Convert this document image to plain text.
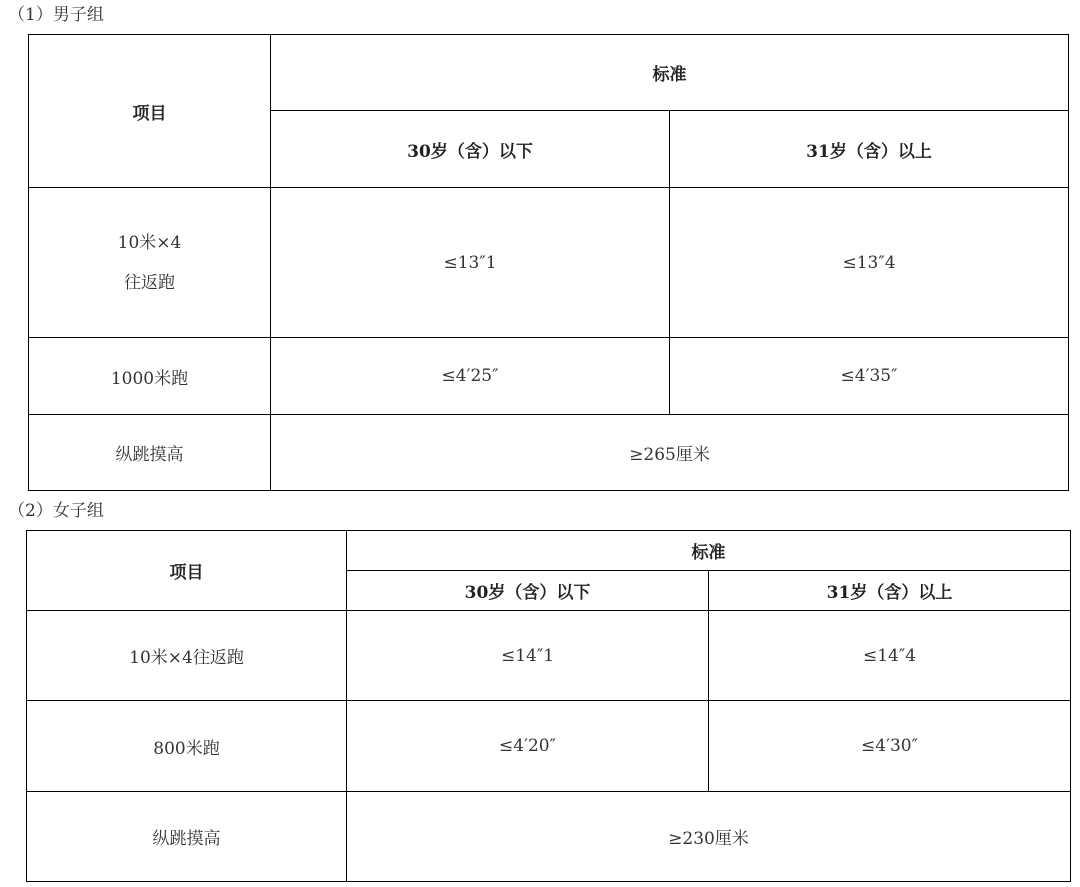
（1）男子组
项目	标准	
	30岁（含）以下	31岁（含）以上

10米×4
往返跑	≤13″1	≤13″4
1000米跑	≤4′25″	≤4′35″
纵跳摸高	≥265厘米	
（2）女子组
项目	标准	
	30岁（含）以下	31岁（含）以上
10米×4往返跑	≤14″1	≤14″4
800米跑	≤4′20″	≤4′30″
纵跳摸高	≥230厘米	
